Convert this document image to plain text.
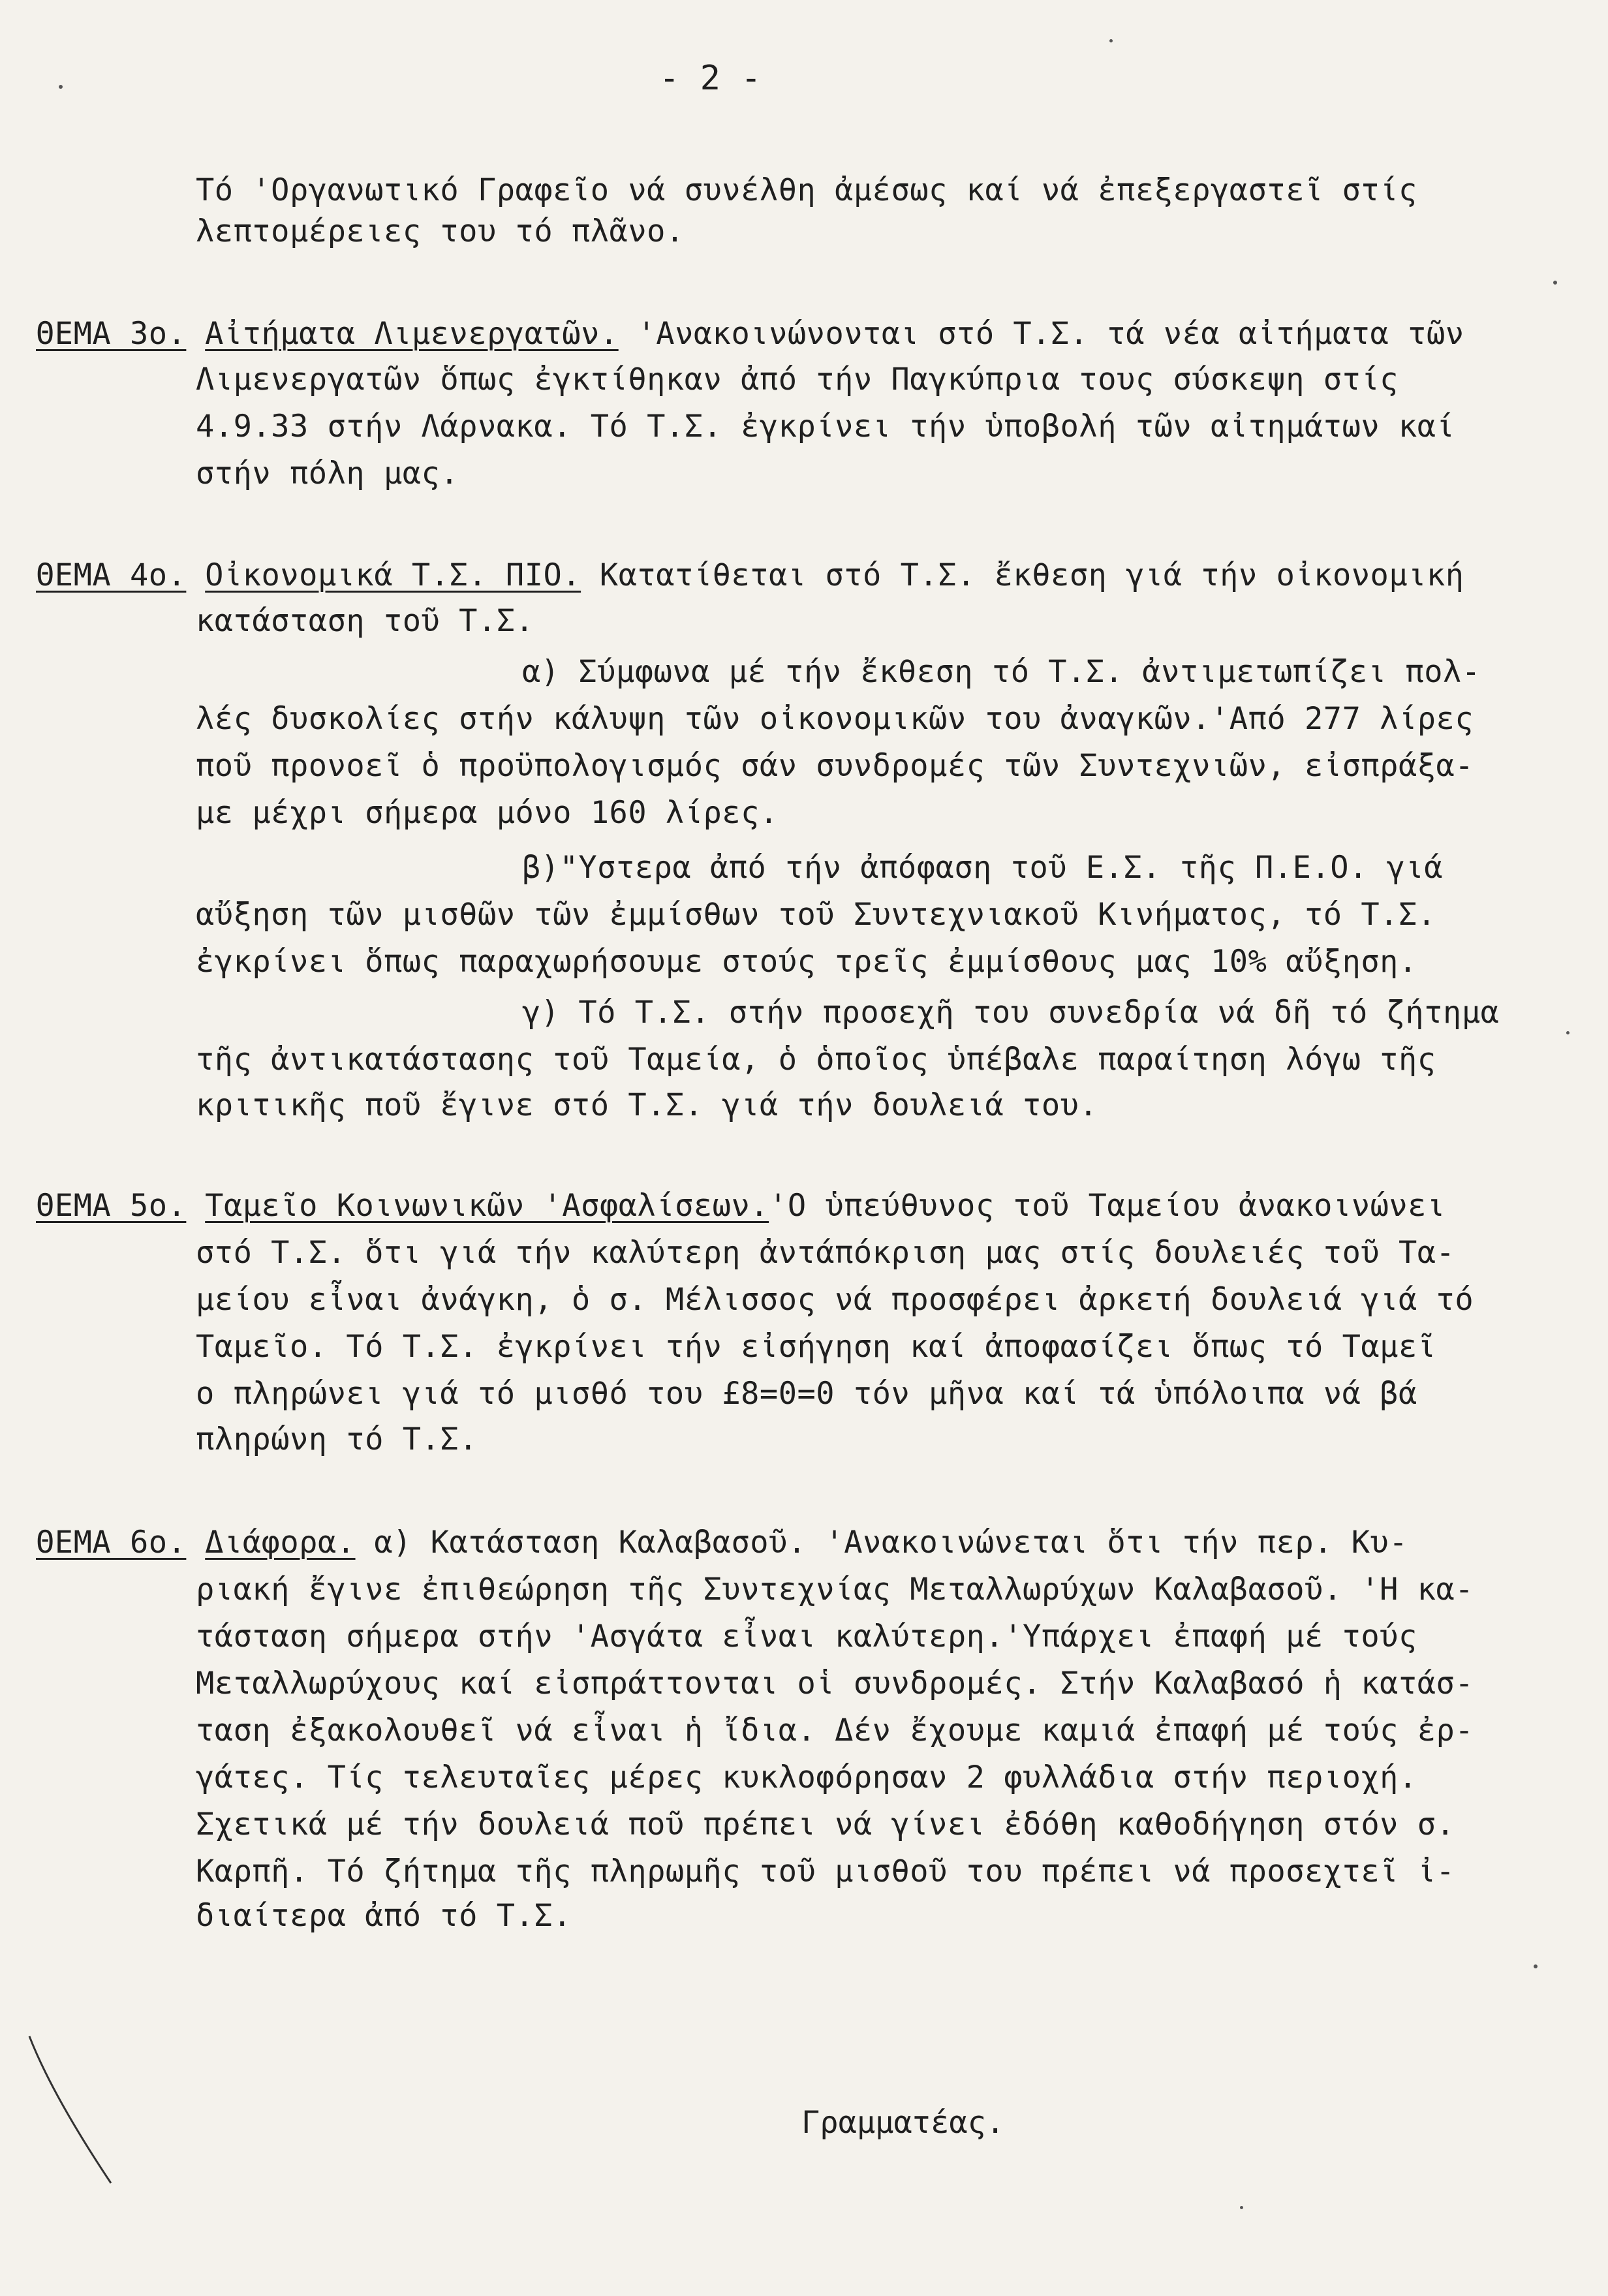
- 2 -
Τό 'Οργανωτικό Γραφεῖο νά συνέλθη ἀμέσως καί νά ἐπεξεργαστεῖ στίς
λεπτομέρειες του τό πλᾶνο.
ΘΕΜΑ 3ο. Αἰτήματα Λιμενεργατῶν. 'Ανακοινώνονται στό Τ.Σ. τά νέα αἰτήματα τῶν
Λιμενεργατῶν ὅπως ἐγκτίθηκαν ἀπό τήν Παγκύπρια τους σύσκεψη στίς
4.9.33 στήν Λάρνακα. Τό Τ.Σ. ἐγκρίνει τήν ὑποβολή τῶν αἰτημάτων καί
στήν πόλη μας.
ΘΕΜΑ 4ο. Οἰκονομικά Τ.Σ. ΠΙΟ. Κατατίθεται στό Τ.Σ. ἔκθεση γιά τήν οἰκονομική
κατάσταση τοῦ Τ.Σ.
α) Σύμφωνα μέ τήν ἔκθεση τό Τ.Σ. ἀντιμετωπίζει πολ-
λές δυσκολίες στήν κάλυψη τῶν οἰκονομικῶν του ἀναγκῶν.'Από 277 λίρες
ποῦ προνοεῖ ὁ προϋπολογισμός σάν συνδρομές τῶν Συντεχνιῶν, εἰσπράξα-
με μέχρι σήμερα μόνο 160 λίρες.
β)"Υστερα ἀπό τήν ἀπόφαση τοῦ Ε.Σ. τῆς Π.Ε.Ο. γιά
αὔξηση τῶν μισθῶν τῶν ἐμμίσθων τοῦ Συντεχνιακοῦ Κινήματος, τό Τ.Σ.
ἐγκρίνει ὅπως παραχωρήσουμε στούς τρεῖς ἐμμίσθους μας 10% αὔξηση.
γ) Τό Τ.Σ. στήν προσεχῆ του συνεδρία νά δῆ τό ζήτημα
τῆς ἀντικατάστασης τοῦ Ταμεία, ὁ ὁποῖος ὑπέβαλε παραίτηση λόγω τῆς
κριτικῆς ποῦ ἔγινε στό Τ.Σ. γιά τήν δουλειά του.
ΘΕΜΑ 5ο. Ταμεῖο Κοινωνικῶν 'Ασφαλίσεων.'Ο ὑπεύθυνος τοῦ Ταμείου ἀνακοινώνει
στό Τ.Σ. ὅτι γιά τήν καλύτερη ἀντάπόκριση μας στίς δουλειές τοῦ Τα-
μείου εἶναι ἀνάγκη, ὁ σ. Μέλισσος νά προσφέρει ἀρκετή δουλειά γιά τό
Ταμεῖο. Τό Τ.Σ. ἐγκρίνει τήν εἰσήγηση καί ἀποφασίζει ὅπως τό Ταμεῖ
ο πληρώνει γιά τό μισθό του £8=0=0 τόν μῆνα καί τά ὑπόλοιπα νά βά
πληρώνη τό Τ.Σ.
ΘΕΜΑ 6ο. Διάφορα. α) Κατάσταση Καλαβασοῦ. 'Ανακοινώνεται ὅτι τήν περ. Κυ-
ριακή ἔγινε ἐπιθεώρηση τῆς Συντεχνίας Μεταλλωρύχων Καλαβασοῦ. 'Η κα-
τάσταση σήμερα στήν 'Ασγάτα εἶναι καλύτερη.'Υπάρχει ἐπαφή μέ τούς
Μεταλλωρύχους καί εἰσπράττονται οἱ συνδρομές. Στήν Καλαβασό ἡ κατάσ-
ταση ἐξακολουθεῖ νά εἶναι ἡ ἴδια. Δέν ἔχουμε καμιά ἐπαφή μέ τούς ἐρ-
γάτες. Τίς τελευταῖες μέρες κυκλοφόρησαν 2 φυλλάδια στήν περιοχή.
Σχετικά μέ τήν δουλειά ποῦ πρέπει νά γίνει ἐδόθη καθοδήγηση στόν σ.
Καρπῆ. Τό ζήτημα τῆς πληρωμῆς τοῦ μισθοῦ του πρέπει νά προσεχτεῖ ἰ-
διαίτερα ἀπό τό Τ.Σ.
Γραμματέας.
